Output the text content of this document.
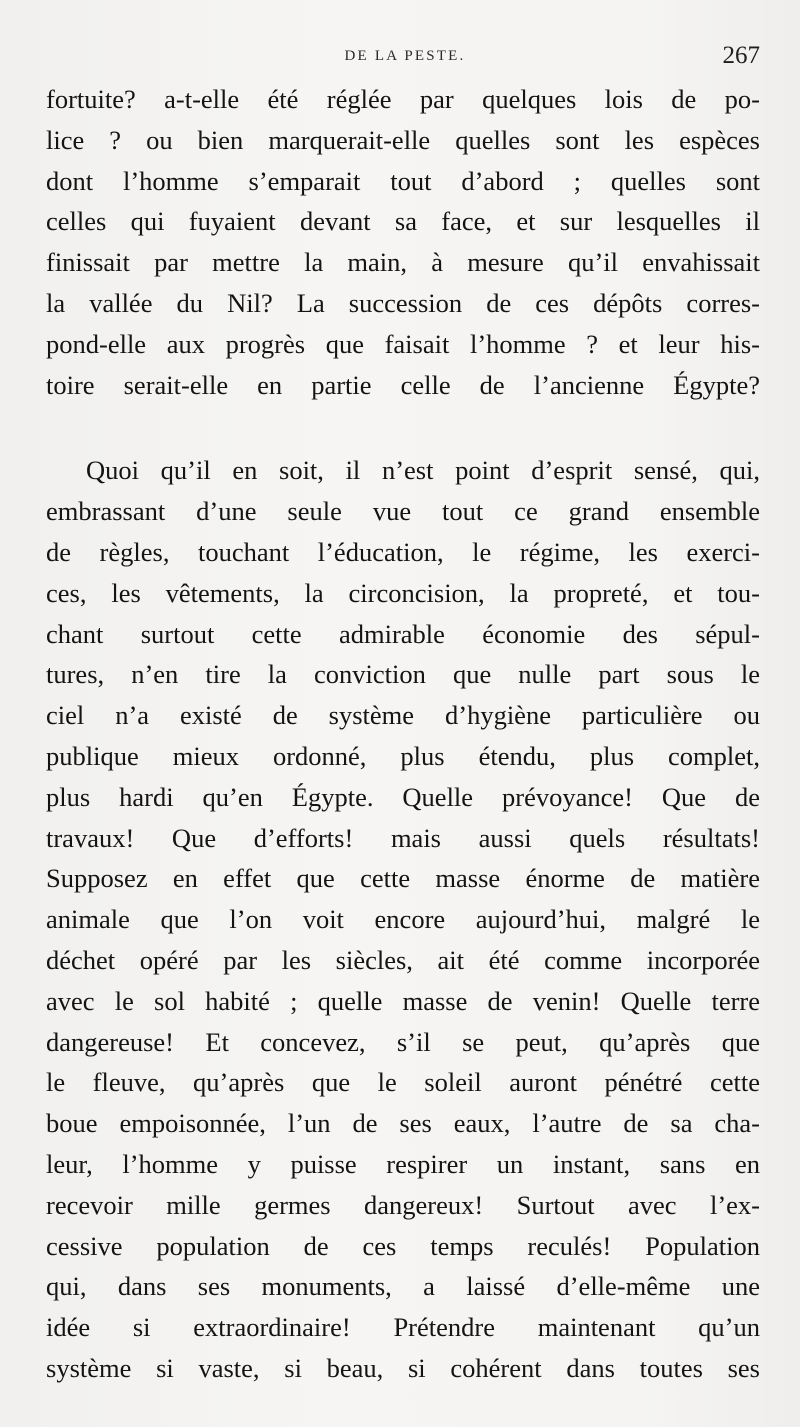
DE LA PESTE.	267
fortuite? a-t-elle été réglée par quelques lois de po-
lice ? ou bien marquerait-elle quelles sont les espèces
dont l’homme s’emparait tout d’abord ; quelles sont
celles qui fuyaient devant sa face, et sur lesquelles il
finissait par mettre la main, à mesure qu’il envahissait
la vallée du Nil? La succession de ces dépôts corres-
pond-elle aux progrès que faisait l’homme ? et leur his-
toire serait-elle en partie celle de l’ancienne Égypte?
Quoi qu’il en soit, il n’est point d’esprit sensé, qui,
embrassant d’une seule vue tout ce grand ensemble
de règles, touchant l’éducation, le régime, les exerci-
ces, les vêtements, la circoncision, la propreté, et tou-
chant surtout cette admirable économie des sépul-
tures, n’en tire la conviction que nulle part sous le
ciel n’a existé de système d’hygiène particulière ou
publique mieux ordonné, plus étendu, plus complet,
plus hardi qu’en Égypte. Quelle prévoyance! Que de
travaux! Que d’efforts! mais aussi quels résultats!
Supposez en effet que cette masse énorme de matière
animale que l’on voit encore aujourd’hui, malgré le
déchet opéré par les siècles, ait été comme incorporée
avec le sol habité ; quelle masse de venin! Quelle terre
dangereuse! Et concevez, s’il se peut, qu’après que
le fleuve, qu’après que le soleil auront pénétré cette
boue empoisonnée, l’un de ses eaux, l’autre de sa cha-
leur, l’homme y puisse respirer un instant, sans en
recevoir mille germes dangereux! Surtout avec l’ex-
cessive population de ces temps reculés! Population
qui, dans ses monuments, a laissé d’elle-même une
idée si extraordinaire! Prétendre maintenant qu’un
système si vaste, si beau, si cohérent dans toutes ses
